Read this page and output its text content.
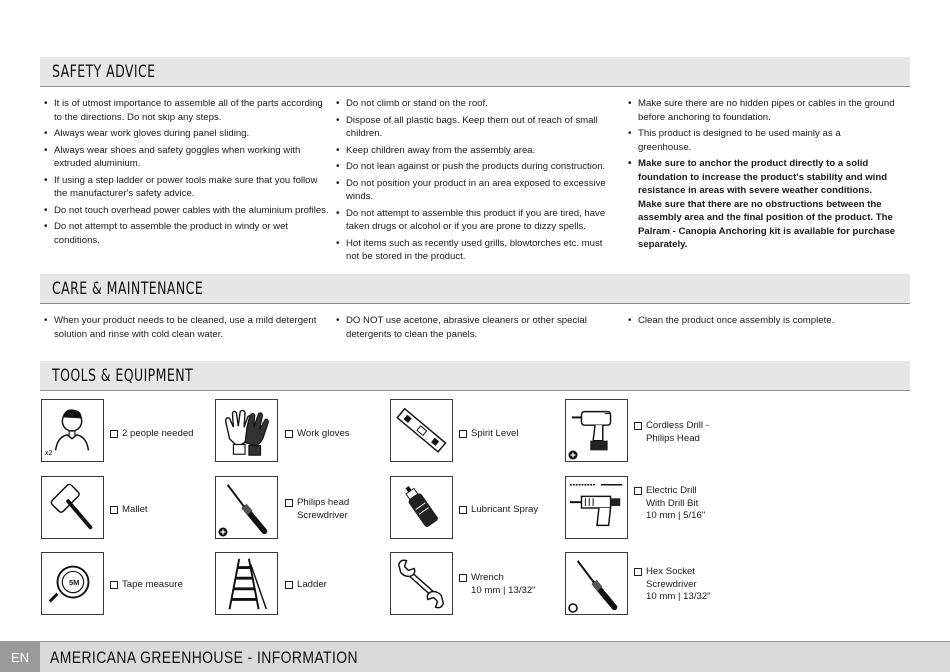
SAFETY ADVICE
• It is of utmost importance to assemble all of the parts according to the directions. Do not skip any steps.
• Always wear work gloves during panel sliding.
• Always wear shoes and safety goggles when working with extruded aluminium.
• If using a step ladder or power tools make sure that you follow the manufacturer's safety advice.
• Do not touch overhead power cables with the aluminium profiles.
• Do not attempt to assemble the product in windy or wet conditions.
• Do not climb or stand on the roof.
• Dispose of all plastic bags. Keep them out of reach of small children.
• Keep children away from the assembly area.
• Do not lean against or push the products during construction.
• Do not position your product in an area exposed to excessive winds.
• Do not attempt to assemble this product if you are tired, have taken drugs or alcohol or if you are prone to dizzy spells.
• Hot items such as recently used grills, blowtorches etc. must not be stored in the product.
• Make sure there are no hidden pipes or cables in the ground before anchoring to foundation.
• This product is designed to be used mainly as a greenhouse.
• Make sure to anchor the product directly to a solid foundation to increase the product's stability and wind resistance in areas with severe weather conditions. Make sure that there are no obstructions between the assembly area and the final position of the product. The Palram - Canopia Anchoring kit is available for purchase separately.
CARE & MAINTENANCE
• When your product needs to be cleaned, use a mild detergent solution and rinse with cold clean water.
• DO NOT use acetone, abrasive cleaners or other special detergents to clean the panels.
• Clean the product once assembly is complete.
TOOLS & EQUIPMENT
x2
2 people needed	Work gloves	Spirit Level
Cordless Drill -
Philips Head
Mallet
Philips head
Screwdriver	Lubricant Spray
Electric Drill
With Drill Bit
10 mm | 5/16"
5M	Tape measure	Ladder
Wrench
10 mm | 13/32"
Hex Socket
Screwdriver
10 mm | 13/32"
EN	AMERICANA GREENHOUSE - INFORMATION
